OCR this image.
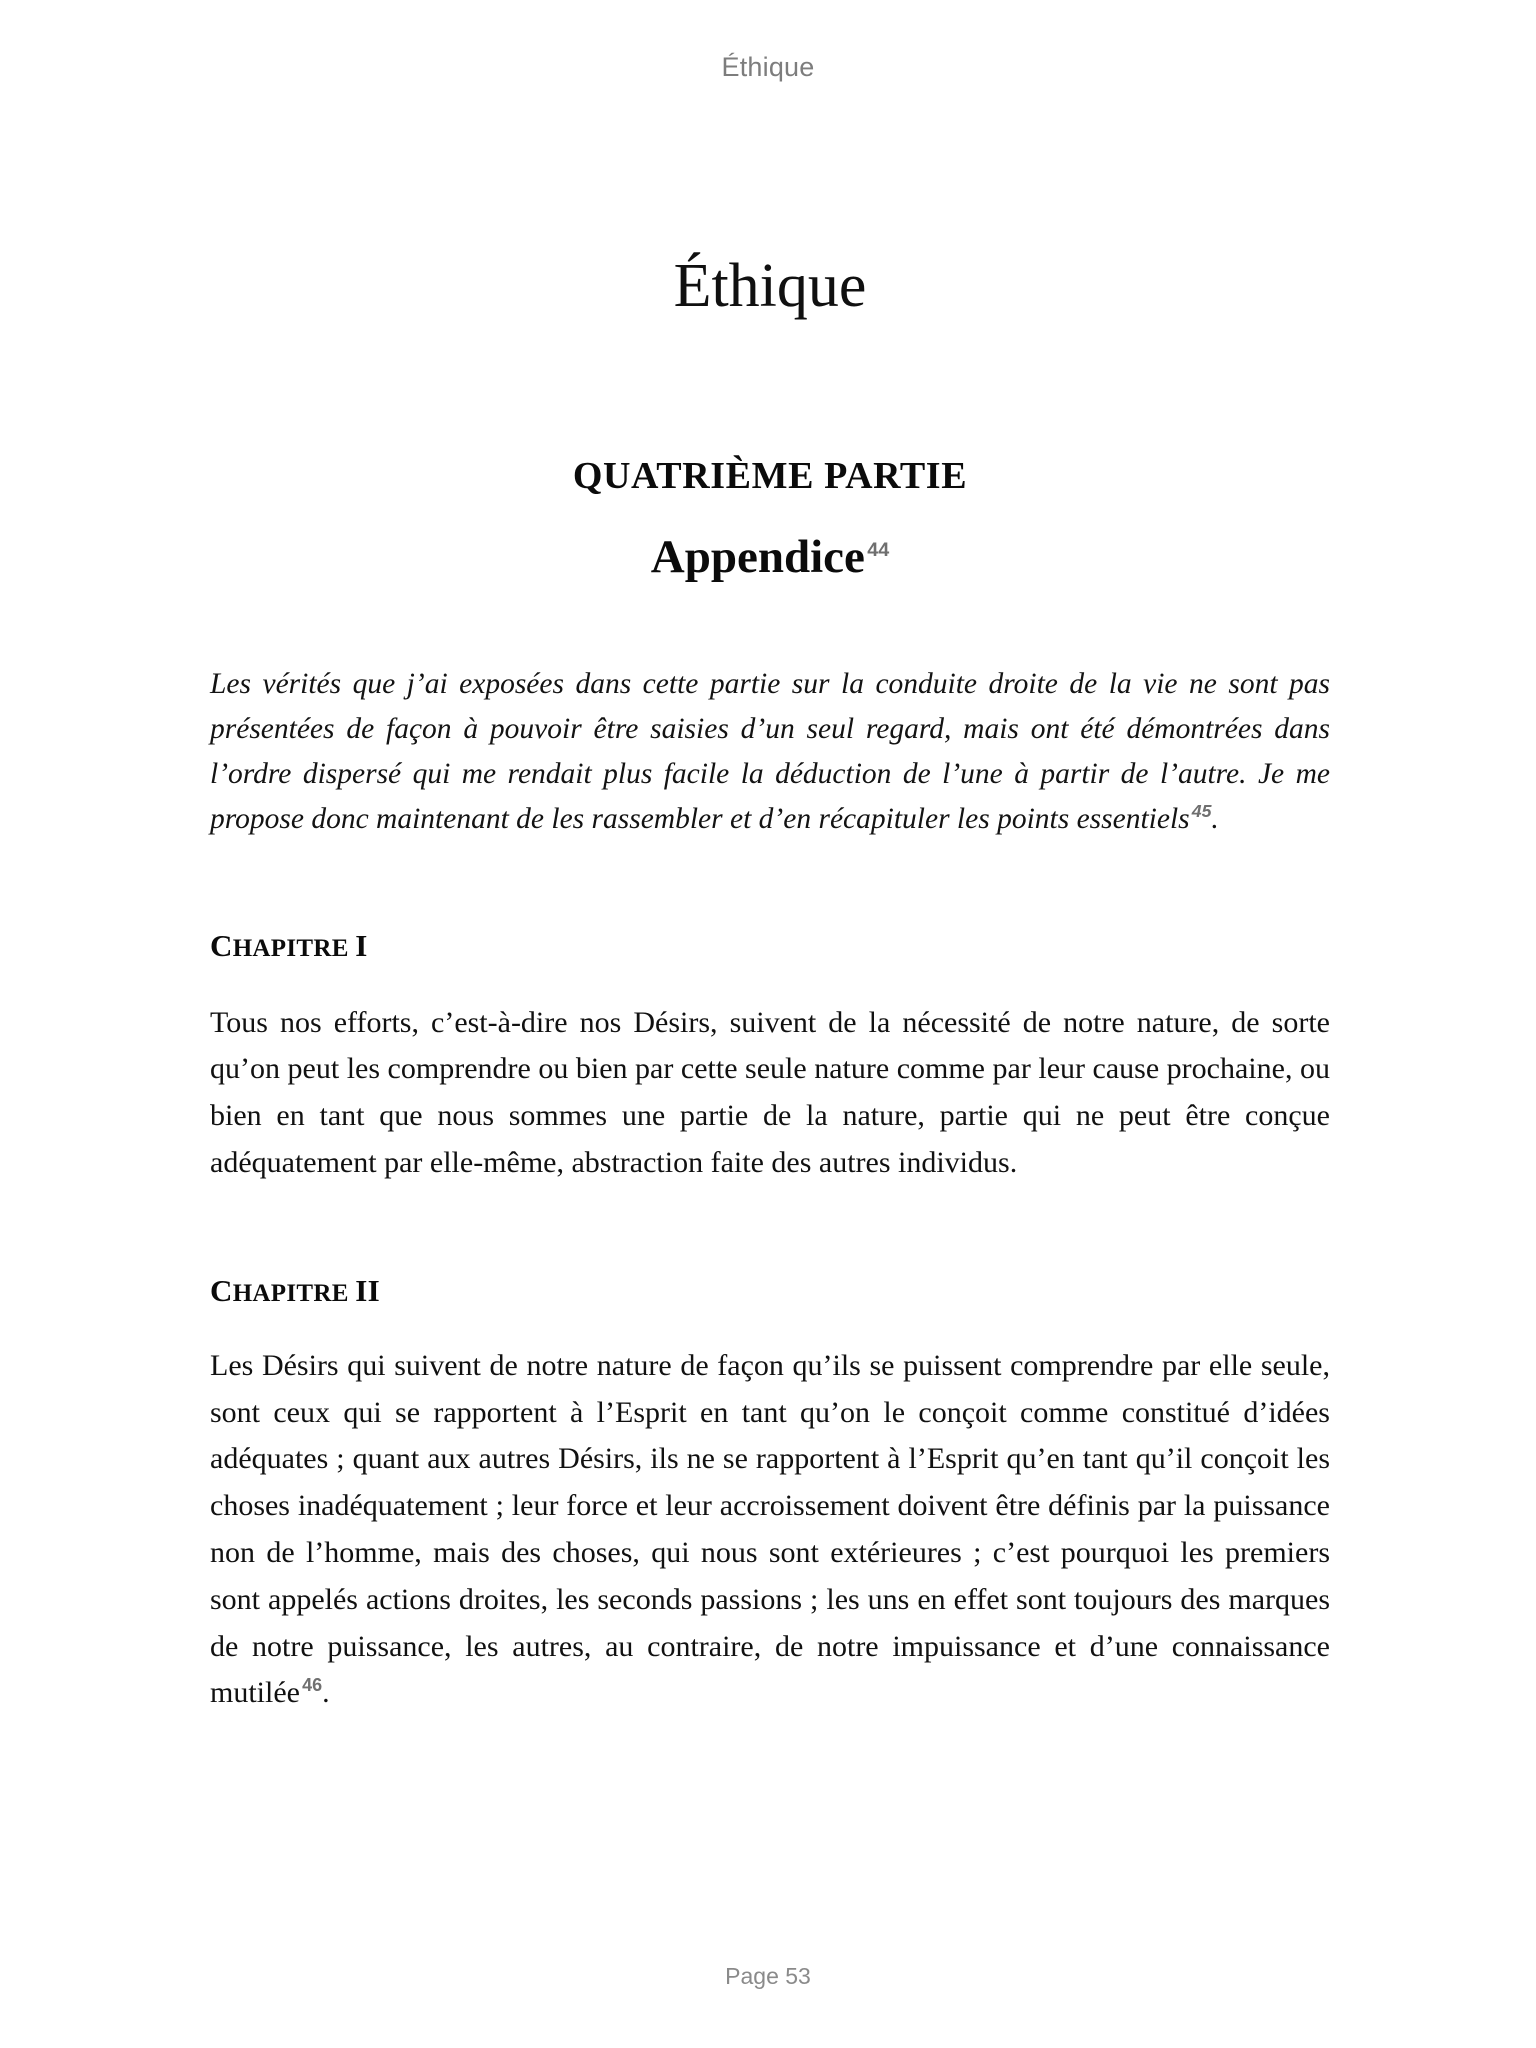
Éthique
Éthique
QUATRIÈME PARTIE
Appendice $^{44}$

Les vérités que j’ai exposées dans cette partie sur la conduite droite de la vie ne sont pas présentées de façon à pouvoir être saisies d’un seul regard, mais ont été démontrées dans l’ordre dispersé qui me rendait plus facile la déduction de l’une à partir de l’autre. Je me propose donc maintenant de les rassembler et d’en récapituler les points essentiels $^{45}$.

CHAPITRE I

Tous nos efforts, c’est-à-dire nos Désirs, suivent de la nécessité de notre nature, de sorte qu’on peut les comprendre ou bien par cette seule nature comme par leur cause prochaine, ou bien en tant que nous sommes une partie de la nature, partie qui ne peut être conçue adéquatement par elle-même, abstraction faite des autres individus.

CHAPITRE II

Les Désirs qui suivent de notre nature de façon qu’ils se puissent comprendre par elle seule, sont ceux qui se rapportent à l’Esprit en tant qu’on le conçoit comme constitué d’idées adéquates ; quant aux autres Désirs, ils ne se rapportent à l’Esprit qu’en tant qu’il conçoit les choses inadéquatement ; leur force et leur accroissement doivent être définis par la puissance non de l’homme, mais des choses, qui nous sont extérieures ; c’est pourquoi les premiers sont appelés actions droites, les seconds passions ; les uns en effet sont toujours des marques de notre puissance, les autres, au contraire, de notre impuissance et d’une connaissance mutilée $^{46}$.

Page 53
